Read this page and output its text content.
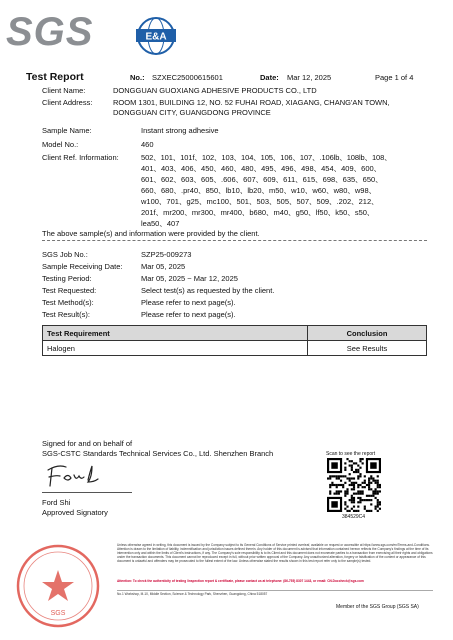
SGS	E&A
Test Report	No.: SZXEC25000615601	Date: Mar 12, 2025	Page 1 of 4
Client Name:	DONGGUAN GUOXIANG ADHESIVE PRODUCTS CO., LTD
Client Address:	ROOM 1301, BUILDING 12, NO. 52 FUHAI ROAD, XIAGANG, CHANG'AN TOWN,
DONGGUAN CITY, GUANGDONG PROVINCE
Sample Name:	Instant strong adhesive
Model No.:	460
Client Ref. Information:	502、101、101f、102、103、104、105、106、107、.106lb、108lb、108、
401、403、406、450、460、480、495、496、498、454、409、600、
601、602、603、605、.606、607、609、611、615、698、635、650、
660、680、.pr40、850、lb10、lb20、m50、w10、w60、w80、w98、
w100、701、g25、mc100、501、503、505、507、509、.202、212、
201f、mr200、mr300、mr400、b680、m40、g50、lf50、k50、s50、
lea50、407
The above sample(s) and information were provided by the client.
SGS Job No.:	SZP25-009273
Sample Receiving Date: Mar 05, 2025
Testing Period:	Mar 05, 2025 ~ Mar 12, 2025
Test Requested:	Select test(s) as requested by the client.
Test Method(s):	Please refer to next page(s).
Test Result(s):	Please refer to next page(s).
Test Requirement	Conclusion
Halogen	See Results
Signed for and on behalf of
SGS-CSTC Standards Technical Services Co., Ltd. Shenzhen Branch
Ford Shi
Approved Signatory
Scan to see the report
384529C4
SGS
Unless otherwise agreed in writing, this document is issued by the Company subject to its General Conditions of Service printed overleaf, available on request or accessible at https://www.sgs.com/en/Terms-and-Conditions. Attention is drawn to the limitation of liability, indemnification and jurisdiction issues defined therein. Any holder of this document is advised that information contained hereon reflects the Company's findings at the time of its intervention only and within the limits of Client's instructions, if any. The Company's sole responsibility is to its Client and this document does not exonerate parties to a transaction from exercising all their rights and obligations under the transaction documents. This document cannot be reproduced except in full, without prior written approval of the Company. Any unauthorized alteration, forgery or falsification of the content or appearance of this document is unlawful and offenders may be prosecuted to the fullest extent of the law. Unless otherwise stated the results shown in this test report refer only to the sample(s) tested.
Attention: To check the authenticity of testing /inspection report & certificate, please contact us at telephone: (86-755) 8307 1443, or email: CN.Doccheck@sgs.com
No.1 Workshop, M-10, Middle Section, Science & Technology Park, Shenzhen, Guangdong, China 518057
Member of the SGS Group (SGS SA)
